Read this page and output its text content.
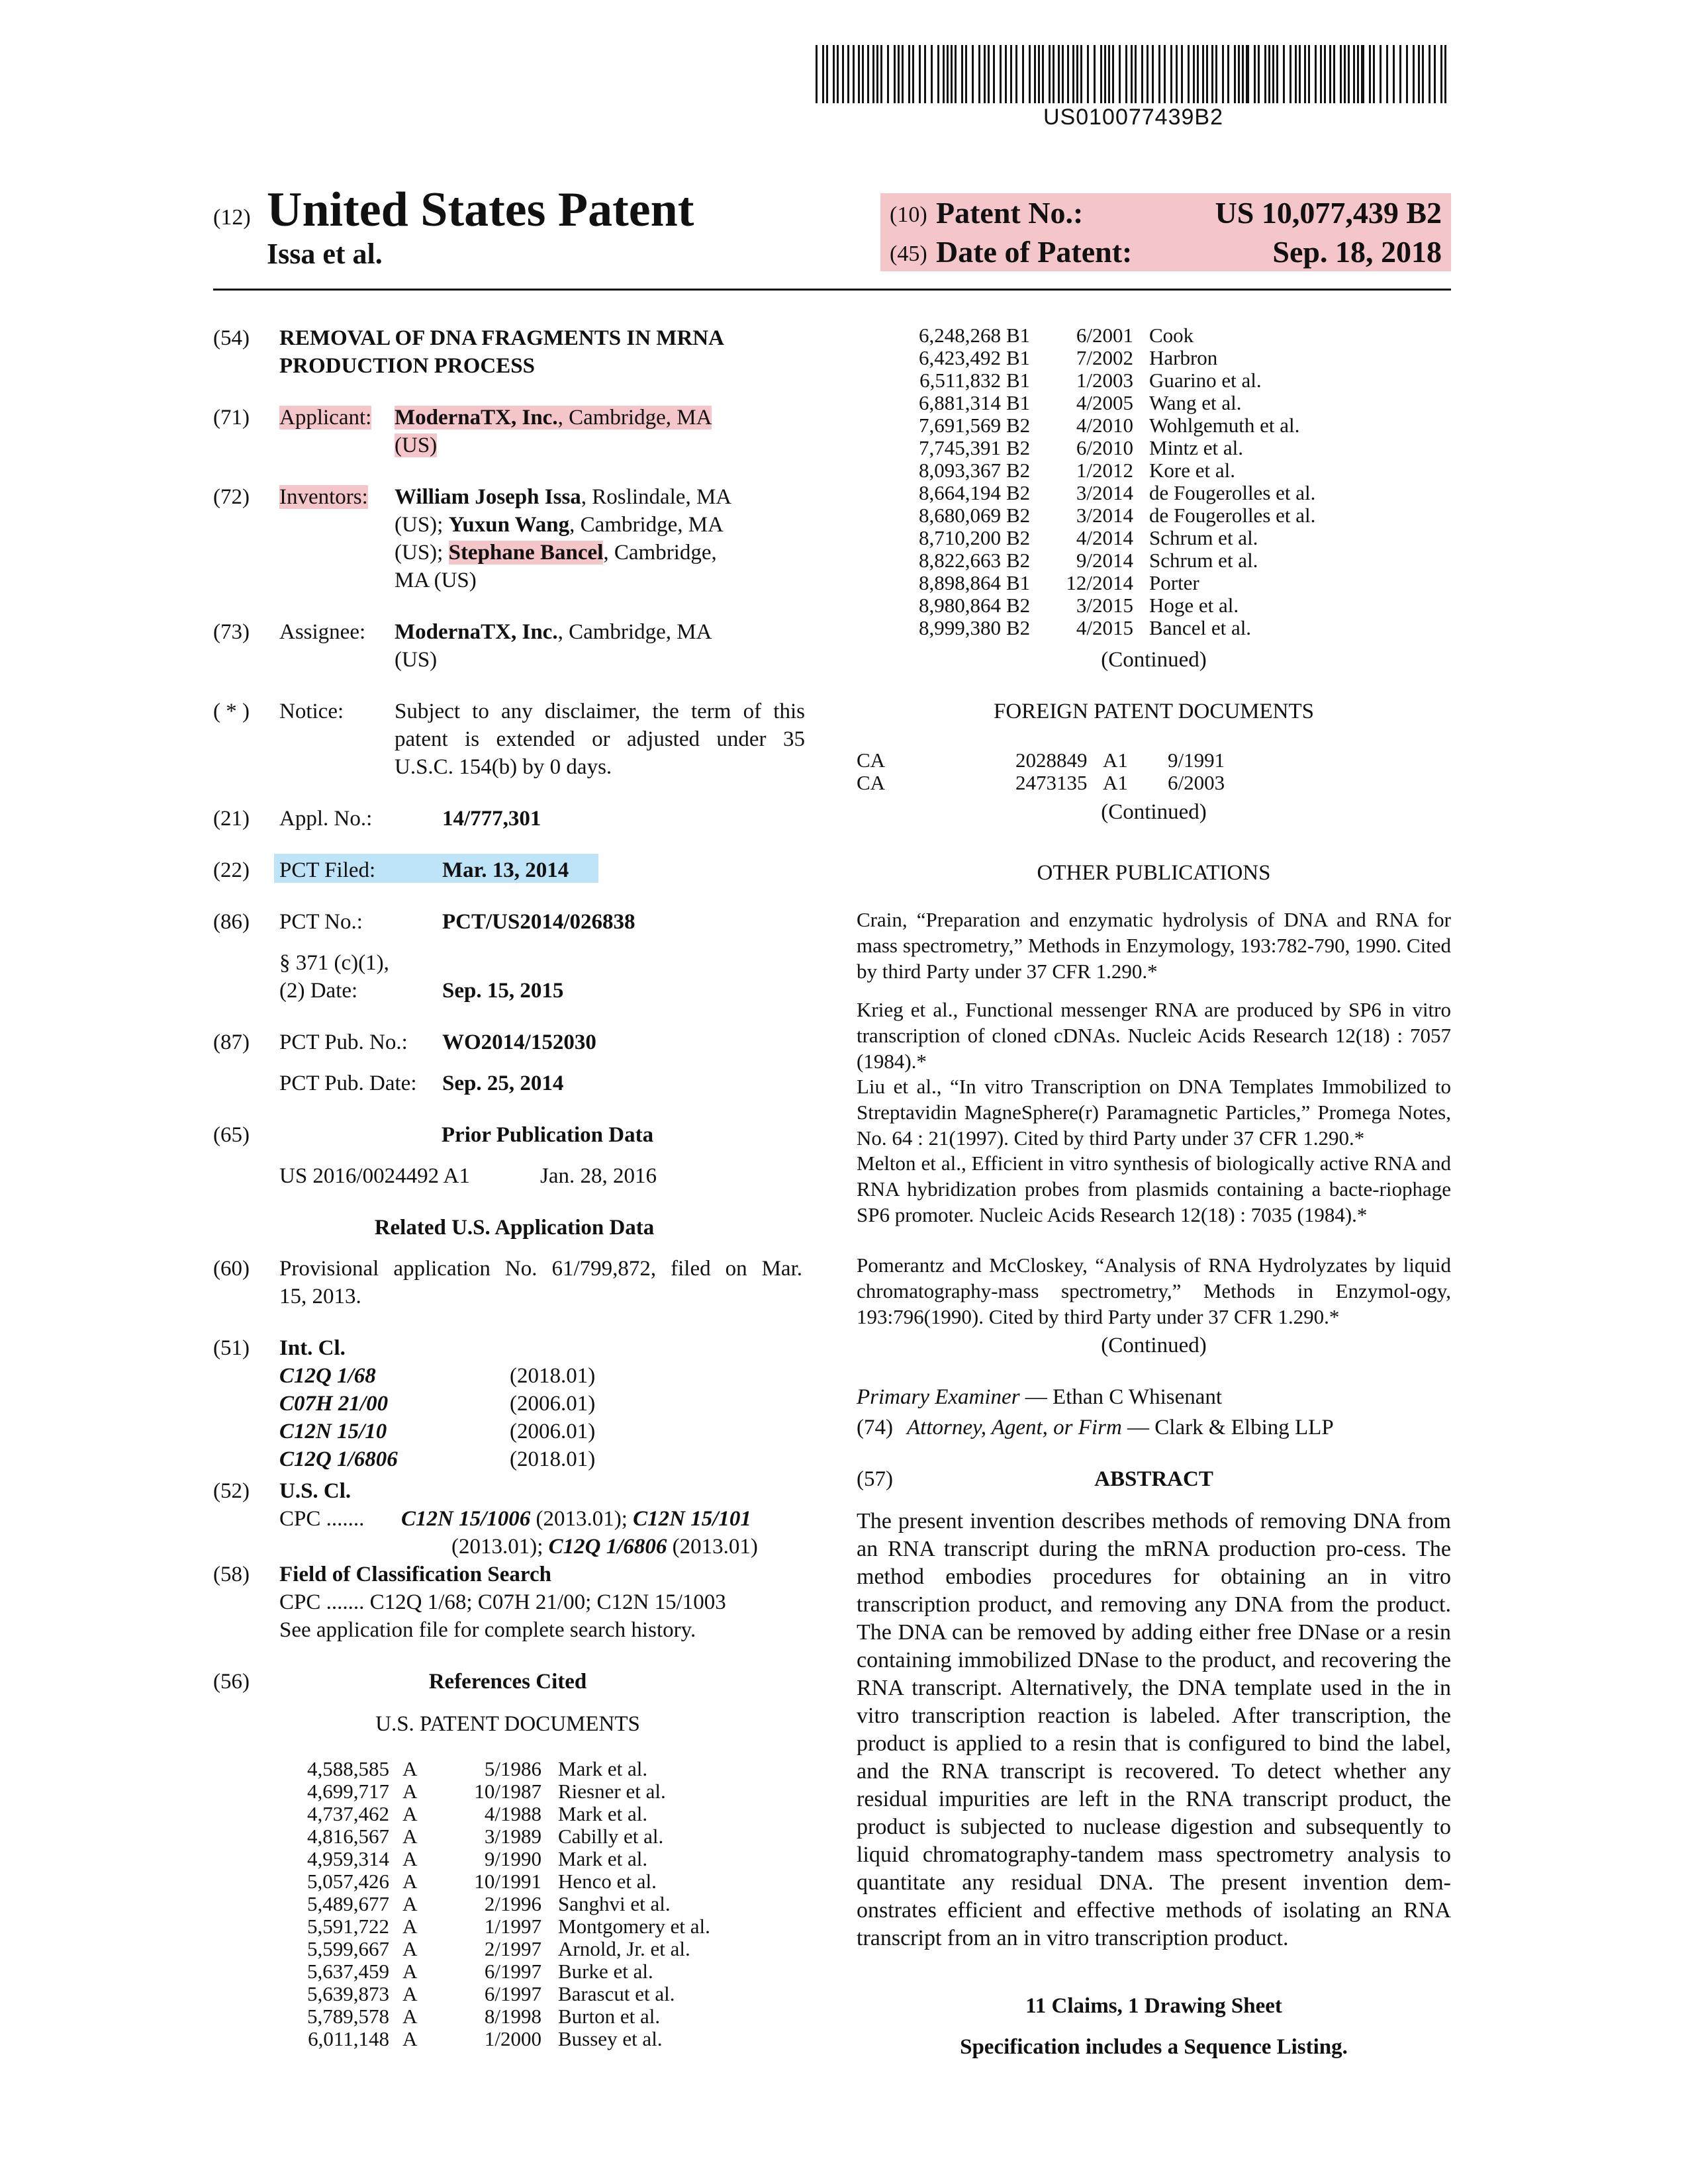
US010077439B2
(12) United States Patent
Issa et al.
(10) Patent No.:	US 10,077,439 B2
(45) Date of Patent:	Sep. 18, 2018
(54) REMOVAL OF DNA FRAGMENTS IN MRNA
PRODUCTION PROCESS
(71) Applicant: ModernaTX, Inc., Cambridge, MA
(US)
(72) Inventors: William Joseph Issa, Roslindale, MA
(US); Yuxun Wang, Cambridge, MA
(US); Stephane Bancel, Cambridge,
MA (US)
(73) Assignee: ModernaTX, Inc., Cambridge, MA
(US)
( * ) Notice: Subject to any disclaimer, the term of this
patent is extended or adjusted under 35
U.S.C. 154(b) by 0 days.
(21) Appl. No.:	14/777,301
(22) PCT Filed:	Mar. 13, 2014
(86) PCT No.:	PCT/US2014/026838
§ 371 (c)(1),
(2) Date:	Sep. 15, 2015
(87) PCT Pub. No.: WO2014/152030
PCT Pub. Date: Sep. 25, 2014
(65)	Prior Publication Data
US 2016/0024492 A1	Jan. 28, 2016
Related U.S. Application Data
(60) Provisional application No. 61/799,872, filed on Mar.
15, 2013.
(51) Int. Cl.
C12Q 1/68	(2018.01)
C07H 21/00	(2006.01)
C12N 15/10	(2006.01)
C12Q 1/6806	(2018.01)
(52) U.S. Cl.
CPC ....... C12N 15/1006 (2013.01); C12N 15/101
(2013.01); C12Q 1/6806 (2013.01)
(58) Field of Classification Search
CPC ....... C12Q 1/68; C07H 21/00; C12N 15/1003
See application file for complete search history.
(56)	References Cited
U.S. PATENT DOCUMENTS
4,588,585 A	5/1986 Mark et al.
4,699,717 A	10/1987 Riesner et al.
4,737,462 A	4/1988 Mark et al.
4,816,567 A	3/1989 Cabilly et al.
4,959,314 A	9/1990 Mark et al.
5,057,426 A	10/1991 Henco et al.
5,489,677 A	2/1996 Sanghvi et al.
5,591,722 A	1/1997 Montgomery et al.
5,599,667 A	2/1997 Arnold, Jr. et al.
5,637,459 A	6/1997 Burke et al.
5,639,873 A	6/1997 Barascut et al.
5,789,578 A	8/1998 Burton et al.
6,011,148 A	1/2000 Bussey et al.
6,248,268 B1 6/2001 Cook
6,423,492 B1 7/2002 Harbron
6,511,832 B1 1/2003 Guarino et al.
6,881,314 B1 4/2005 Wang et al.
7,691,569 B2 4/2010 Wohlgemuth et al.
7,745,391 B2 6/2010 Mintz et al.
8,093,367 B2 1/2012 Kore et al.
8,664,194 B2 3/2014 de Fougerolles et al.
8,680,069 B2 3/2014 de Fougerolles et al.
8,710,200 B2 4/2014 Schrum et al.
8,822,663 B2 9/2014 Schrum et al.
8,898,864 B1 12/2014 Porter
8,980,864 B2 3/2015 Hoge et al.
8,999,380 B2 4/2015 Bancel et al.
(Continued)
FOREIGN PATENT DOCUMENTS
CA	2028849 A1 9/1991
CA	2473135 A1 6/2003
(Continued)
OTHER PUBLICATIONS
Crain, “Preparation and enzymatic hydrolysis of DNA and RNA for mass spectrometry,” Methods in Enzymology, 193:782-790, 1990. Cited by third Party under 37 CFR 1.290.*
Krieg et al., Functional messenger RNA are produced by SP6 in vitro transcription of cloned cDNAs. Nucleic Acids Research 12(18) : 7057 (1984).*
Liu et al., “In vitro Transcription on DNA Templates Immobilized to Streptavidin MagneSphere(r) Paramagnetic Particles,” Promega Notes, No. 64 : 21(1997). Cited by third Party under 37 CFR 1.290.*
Melton et al., Efficient in vitro synthesis of biologically active RNA and RNA hybridization probes from plasmids containing a bacte-riophage SP6 promoter. Nucleic Acids Research 12(18) : 7035 (1984).*
Pomerantz and McCloskey, “Analysis of RNA Hydrolyzates by liquid chromatography-mass spectrometry,” Methods in Enzymol-ogy, 193:796(1990). Cited by third Party under 37 CFR 1.290.*
(Continued)
Primary Examiner — Ethan C Whisenant
(74) Attorney, Agent, or Firm — Clark & Elbing LLP
(57)	ABSTRACT
The present invention describes methods of removing DNA from an RNA transcript during the mRNA production pro-cess. The method embodies procedures for obtaining an in vitro transcription product, and removing any DNA from the product. The DNA can be removed by adding either free DNase or a resin containing immobilized DNase to the product, and recovering the RNA transcript. Alternatively, the DNA template used in the in vitro transcription reaction is labeled. After transcription, the product is applied to a resin that is configured to bind the label, and the RNA transcript is recovered. To detect whether any residual impurities are left in the RNA transcript product, the product is subjected to nuclease digestion and subsequently to liquid chromatography-tandem mass spectrometry analysis to quantitate any residual DNA. The present invention dem-onstrates efficient and effective methods of isolating an RNA transcript from an in vitro transcription product.
11 Claims, 1 Drawing Sheet
Specification includes a Sequence Listing.
